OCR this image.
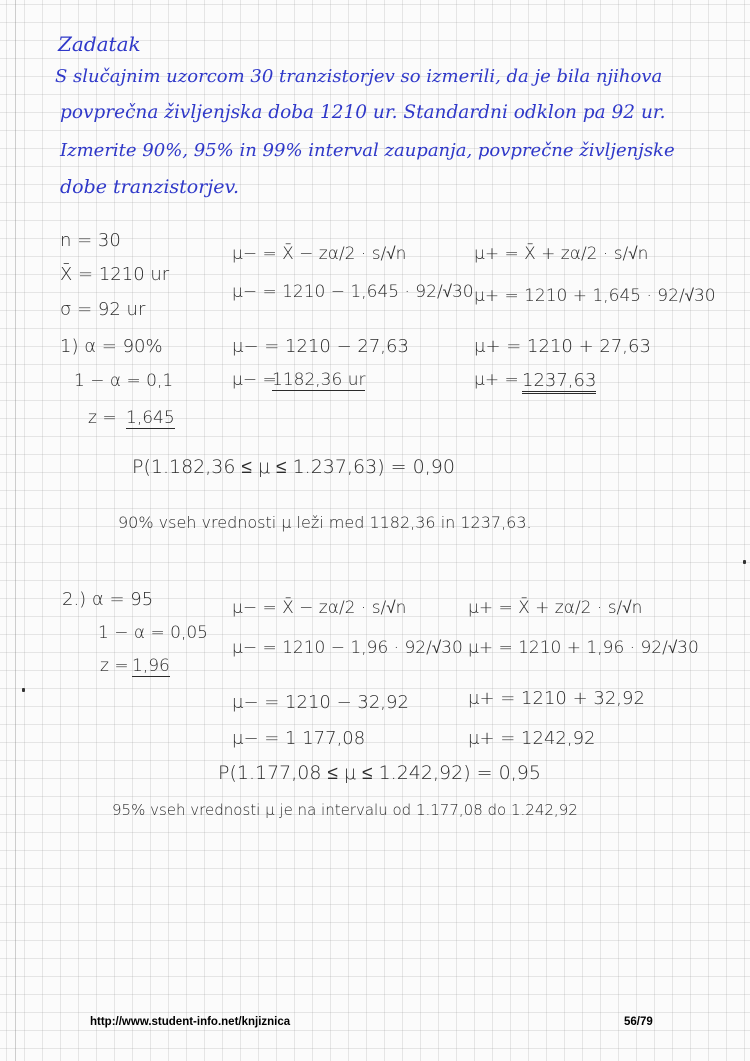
Zadatak
S slučajnim uzorcom 30 tranzistorjev so izmerili, da je bila njihova
povprečna življenjska doba 1210 ur. Standardni odklon pa 92 ur.
Izmerite 90%, 95% in 99% interval zaupanja, povprečne življenjske
dobe tranzistorjev.
n = 30
X̄ = 1210 ur
σ = 92 ur
1) α = 90%
1 − α = 0,1
z = 1,645
μ− = X̄ − zα/2 · s/√n
μ− = 1210 − 1,645 · 92/√30
μ− = 1210 − 27,63
μ− =
1182,36 ur
μ+ = X̄ + zα/2 · s/√n
μ+ = 1210 + 1,645 · 92/√30
μ+ = 1210 + 27,63
μ+ = 1237,63
P(1.182,36 ≤ μ ≤ 1.237,63) = 0,90
90% vseh vrednosti μ leži med 1182,36 in 1237,63.
2.) α = 95
1 − α = 0,05
z = 1,96
μ− = X̄ − zα/2 · s/√n
μ− = 1210 − 1,96 · 92/√30
μ− = 1210 − 32,92
μ− = 1 177,08
μ+ = X̄ + zα/2 · s/√n
μ+ = 1210 + 1,96 · 92/√30
μ+ = 1210 + 32,92
μ+ = 1242,92
P(1.177,08 ≤ μ ≤ 1.242,92) = 0,95
95% vseh vrednosti μ je na intervalu od 1.177,08 do 1.242,92
http://www.student-info.net/knjiznica	56/79
